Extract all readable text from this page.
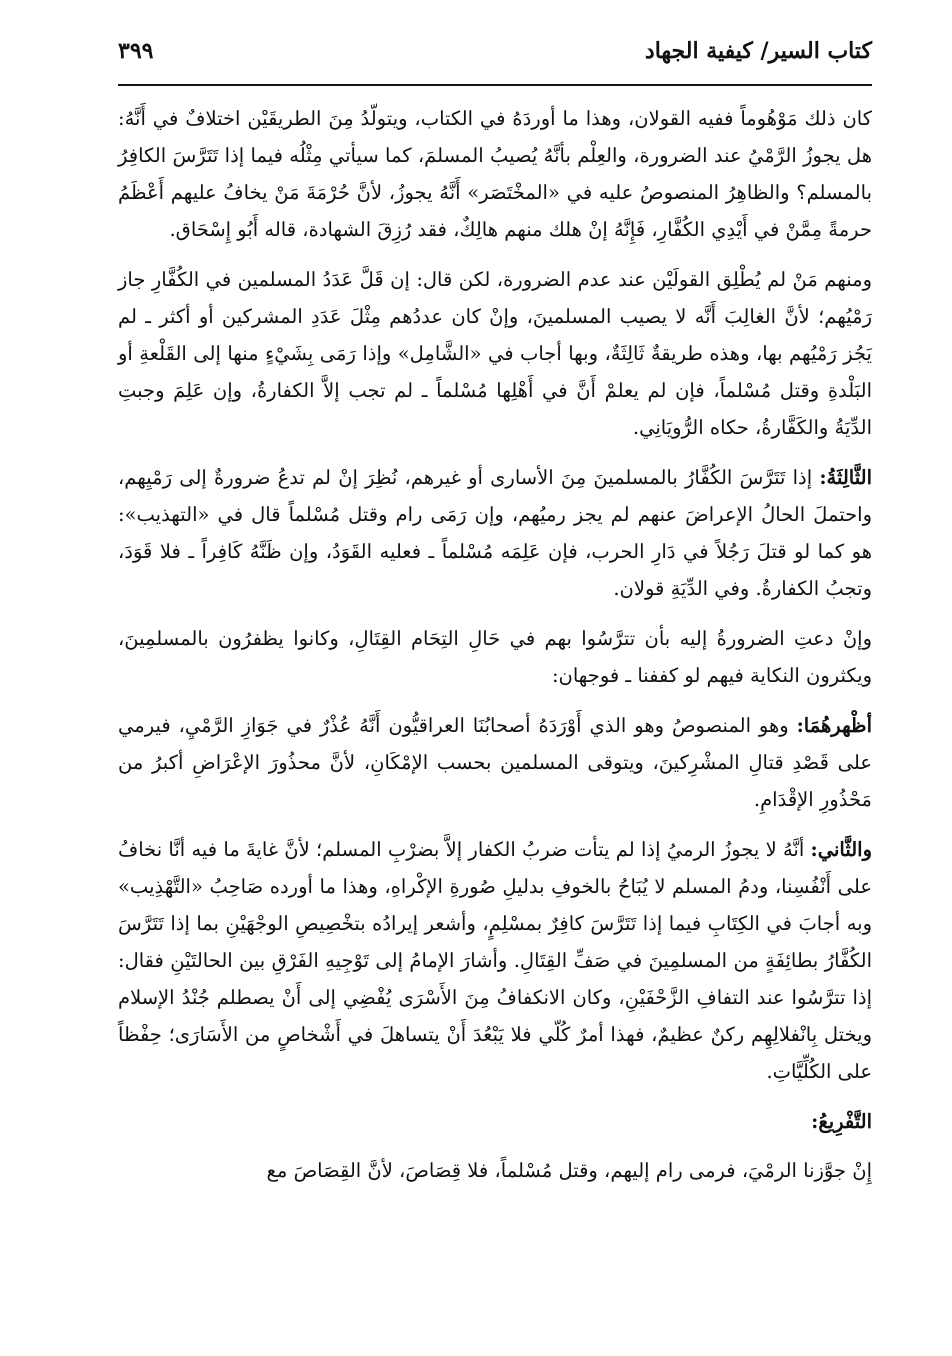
كتاب السير/ كيفية الجهاد
٣٩٩

كان ذلك مَوْهُوماً ففيه القولان، وهذا ما أوردَهُ في الكتاب، ويتولّدُ مِنَ الطريقَيْن اختلافٌ في أَنَّهُ: هل يجوزُ الرَّمْيُ عند الضرورة، والعِلْم بأنَّهُ يُصيبُ المسلمَ، كما سيأتي مِثْلُه فيما إذا تَتَرَّسَ الكافِرُ بالمسلم؟ والظاهِرُ المنصوصُ عليه في «المخْتَصَر» أَنَّهُ يجوزُ، لأنَّ حُرْمَةَ مَنْ يخافُ عليهم أَعْظَمُ حرمةً مِمَّنْ في أَيْدِي الكُفَّارِ، فَإِنَّهُ إنْ هلك منهم هالِكٌ، فقد رُزِقَ الشهادة، قاله أَبُو إِسْحَاق.

ومنهم مَنْ لم يُطْلِق القولَيْن عند عدم الضرورة، لكن قال: إن قَلَّ عَدَدُ المسلمين في الكُفَّارِ جاز رَمْيُهم؛ لأنَّ الغالِبَ أَنَّه لا يصيب المسلمينَ، وإنْ كان عددُهم مِثْلَ عَدَدِ المشركين أو أكثر ـ لم يَجُز رَمْيُهم بها، وهذه طريقةٌ ثَالِثَةٌ، وبها أجاب في «الشَّامِل» وإذا رَمَى بِشَيْءٍ منها إلى القَلْعةِ أو البَلْدةِ وقتل مُسْلماً، فإن لم يعلمْ أَنَّ في أَهْلِها مُسْلماً ـ لم تجب إلاَّ الكفارةُ، وإن عَلِمَ وجبتِ الدِّيَةُ والكَفَّارةُ، حكاه الرُّويَانِي.

الثَّالِثَةُ: إذا تَتَرَّسَ الكُفَّارُ بالمسلمينَ مِنَ الأسارى أو غيرهم، نُظِرَ إنْ لم تدعُ ضرورةٌ إلى رَمْيِهم، واحتملَ الحالُ الإعراضَ عنهم لم يجز رميُهم، وإن رَمَى رام وقتل مُسْلماً قال في «التهذيب»: هو كما لو قتلَ رَجُلاً في دَارِ الحرب، فإن عَلِمَه مُسْلماً ـ فعليه القَوَدُ، وإن ظَنَّهُ كَافِراً ـ فلا قَوَدَ، وتجبُ الكفارةُ. وفي الدِّيَةِ قولان.

وإنْ دعتِ الضرورةُ إليه بأن تترَّسُوا بهم في حَالِ التِحَام القِتَالِ، وكانوا يظفرُون بالمسلمِينَ، ويكثرون النكاية فيهم لو كففنا ـ فوجهان:

أظْهرهُمَا: وهو المنصوصُ وهو الذي أَوْرَدَهُ أصحابُنَا العراقيُّون أَنَّهُ عُذْرٌ في جَوَازِ الرَّمْيِ، فيرمي على قَصْدِ قتالِ المشْرِكينَ، ويتوقى المسلمين بحسب الإمْكَانِ، لأنَّ محذُورَ الإعْرَاضِ أكبرُ من مَحْذُورِ الإقْدَامِ.

والثَّاني: أنَّهُ لا يجوزُ الرميُ إذا لم يتأت ضربُ الكفار إلاَّ بضرْبِ المسلم؛ لأنَّ غايةَ ما فيه أنَّا نخافُ على أَنْفُسِنا، ودمُ المسلم لا يُبَاحُ بالخوفِ بدليلِ صُورةِ الإكْراهِ، وهذا ما أورده صَاحِبُ «التَّهْذِيب» وبه أجابَ في الكِتَابِ فيما إذا تَتَرَّسَ كافِرٌ بمسْلِمٍ، وأشعر إيرادُه بتخْصِيصِ الوجْهَيْنِ بما إذا تَتَرَّسَ الكُفَّارُ بطائِفَةٍ من المسلمِينَ في صَفِّ القِتَالِ. وأشارَ الإمامُ إلى تَوْجِيهِ الفَرْقِ بين الحالتَيْنِ فقال: إذا تترَّسُوا عند التفافِ الزَّحْفَيْنِ، وكان الانكفافُ مِنَ الأَسْرَى يُفْضِي إلى أَنْ يصطلم جُنْدُ الإسلام ويختل بِانْفلالِهِم ركنٌ عظيمٌ، فهذا أمرٌ كُلّي فلا يَبْعُدَ أَنْ يتساهلَ في أَشْخاصٍ من الأَسَارَى؛ حِفْظاً على الكُلِّيَّاتِ.

التَّفْرِيعُ:

إِنْ جوَّزنا الرمْيَ، فرمى رام إليهم، وقتل مُسْلماً، فلا قِصَاصَ، لأنَّ القِصَاصَ مع
